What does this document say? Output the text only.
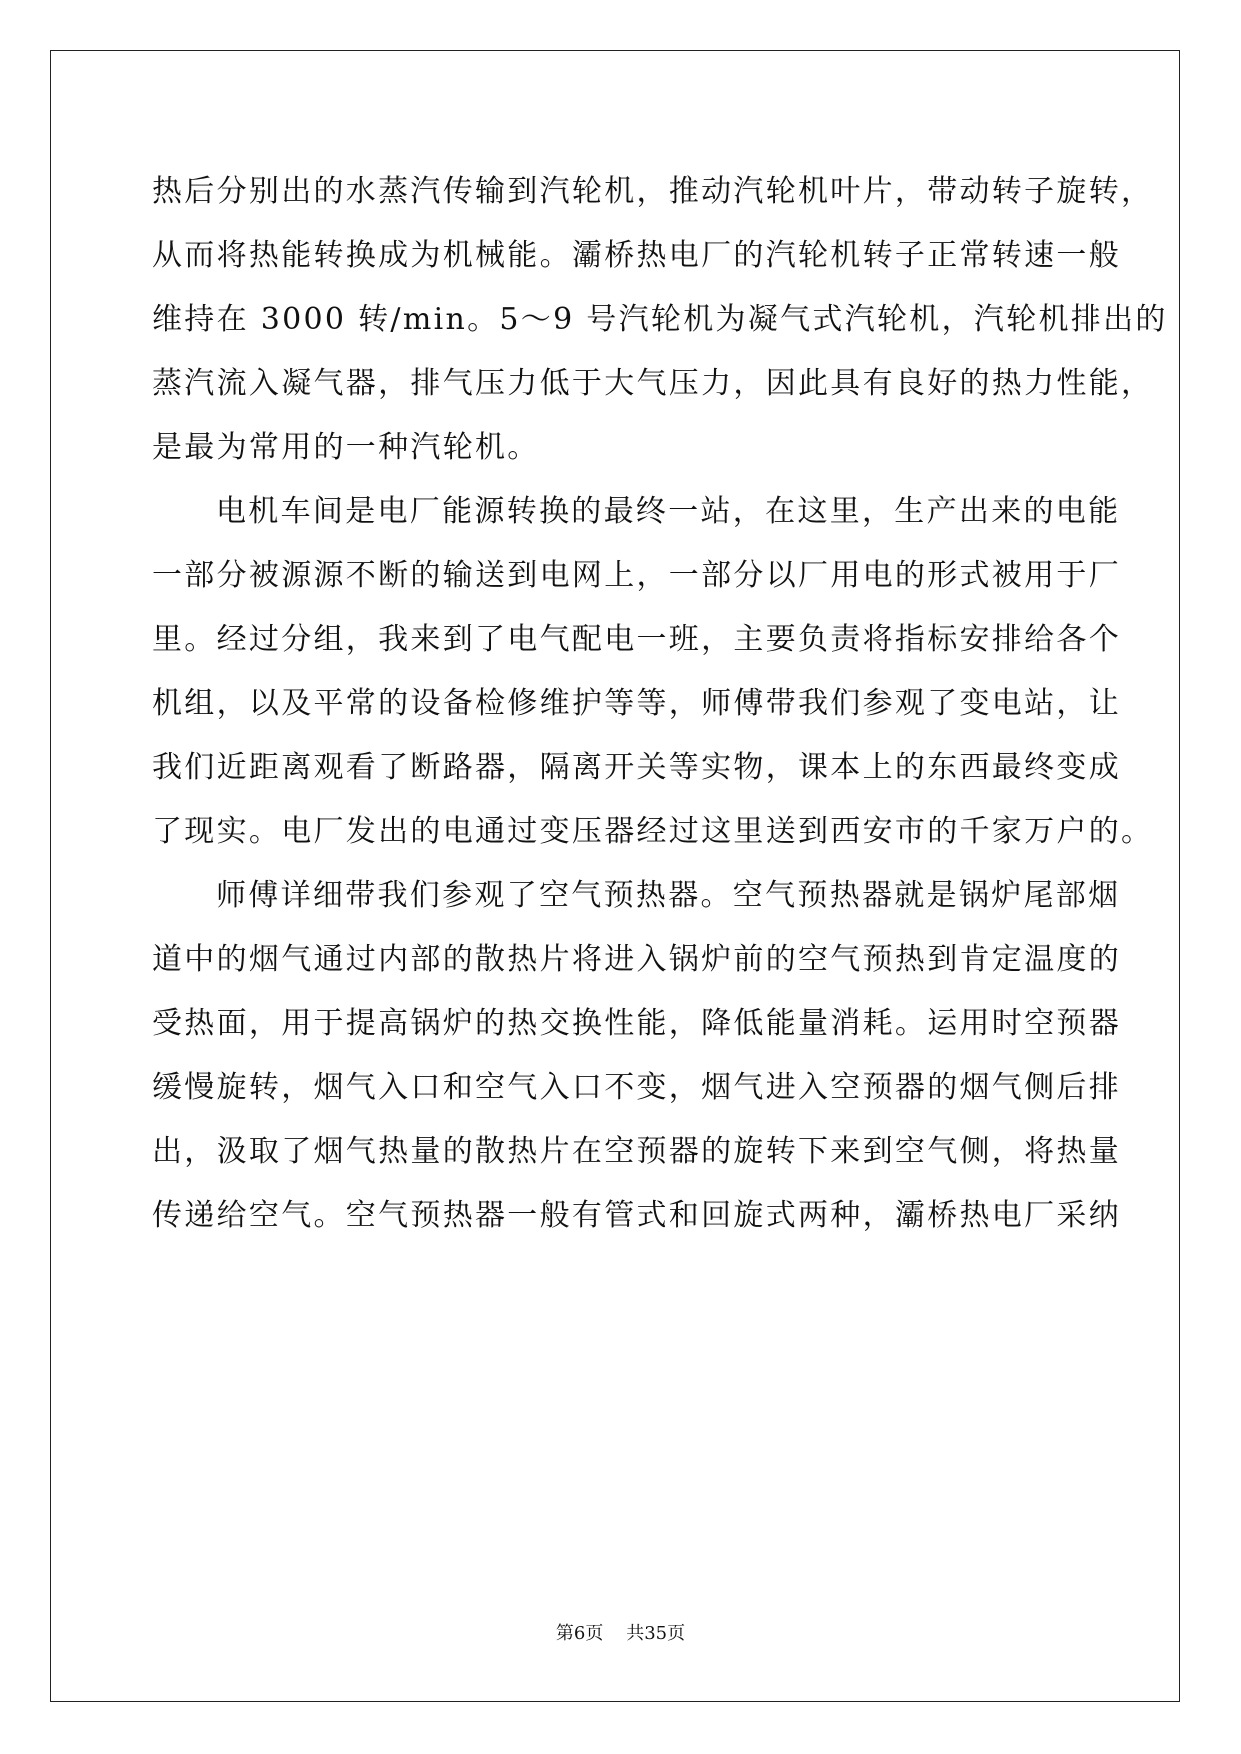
热后分别出的水蒸汽传输到汽轮机，推动汽轮机叶片，带动转子旋转，
从而将热能转换成为机械能。灞桥热电厂的汽轮机转子正常转速一般
维持在 3000 转/min。5～9 号汽轮机为凝气式汽轮机，汽轮机排出的
蒸汽流入凝气器，排气压力低于大气压力，因此具有良好的热力性能，
是最为常用的一种汽轮机。
电机车间是电厂能源转换的最终一站，在这里，生产出来的电能
一部分被源源不断的输送到电网上，一部分以厂用电的形式被用于厂
里。经过分组，我来到了电气配电一班，主要负责将指标安排给各个
机组，以及平常的设备检修维护等等，师傅带我们参观了变电站，让
我们近距离观看了断路器，隔离开关等实物，课本上的东西最终变成
了现实。电厂发出的电通过变压器经过这里送到西安市的千家万户的。
师傅详细带我们参观了空气预热器。空气预热器就是锅炉尾部烟
道中的烟气通过内部的散热片将进入锅炉前的空气预热到肯定温度的
受热面，用于提高锅炉的热交换性能，降低能量消耗。运用时空预器
缓慢旋转，烟气入口和空气入口不变，烟气进入空预器的烟气侧后排
出，汲取了烟气热量的散热片在空预器的旋转下来到空气侧，将热量
传递给空气。空气预热器一般有管式和回旋式两种，灞桥热电厂采纳
第6页 共35页
